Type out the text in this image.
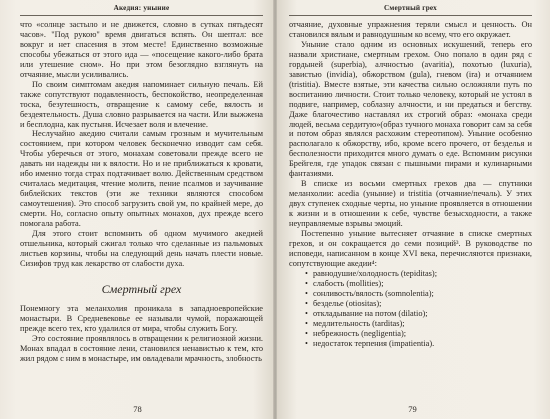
Акедия: уныние

что «солнце застыло и не движется, словно в сутках пятьдесят часов». "Под рукою" время двигаться вспять. Он шептал: все вокруг и нет спасения в этом месте! Единственно возможные способы убежаться от этого ида — «посещение какого-либо брата или утешение сном». Но при этом безоглядно взглянуть на отчаяние, мысли усиливались.

По своим симптомам акедия напоминает сильную печаль. Ей также сопутствуют подавленность, беспокойство, неопределенная тоска, безутешность, отвращение к самому себе, вялость и бездеятельность. Душа словно разрывается на части. Или выжжена и бесплодна, как пустыня. Исчезает воля и влечение.

Неслучайно акедию считали самым грозным и мучительным состоянием, при котором человек бесконечно изводит сам себя. Чтобы уберечься от этого, монахам советовали прежде всего не давать ни надежды ни к вялости. Но и не приближаться к кровати, ибо именно тогда страх подтачивает волю. Действенным средством считалась медитация, чтение молитв, пение псалмов и заучивание библейских текстов (эти же техники являются способом самоутешения). Это способ загрузить свой ум, по крайней мере, до смерти. Но, согласно опыту опытных монахов, дух прежде всего помогала работа.

Для этого стоит вспомнить об одном мучимого акедией отшельника, который сжигал только что сделанные из пальмовых листьев корзины, чтобы на следующий день начать плести новые. Сизифов труд как лекарство от слабости духа.

Смертный грех

Понемногу эта меланхолия проникала в западноевропейские монастыри. В Средневековье ее называли чумой, поражающей прежде всего тех, кто удалился от мира, чтобы служить Богу.

Это состояние проявлялось в отвращении к религиозной жизни. Монах впадал в состояние лени, становился ненавистью к тем, кто жил рядом с ним в монастыре, им овладевали мрачность, злобность

78
Смертный грех

отчаяние, духовные упражнения теряли смысл и ценность. Он становился вялым и равнодушным ко всему, что его окружает.

Уныние стало одним из основных искушений, теперь его назвали христиане, смертным грехом. Оно попало в один ряд с гордыней (superbia), алчностью (avaritia), похотью (luxuria), завистью (invidia), обжорством (gula), гневом (ira) и отчаянием (tristitia). Вместе взятые, эти качества сильно осложняли путь по воспитанию личности. Стоит только человеку, который не устоял в подвиге, например, соблазну алчности, и ни предаться и бегству. Даже благочестиво наставлял их строгий образ: «монаха среди людей, весьма сердитую»(образ тучного монаха говорит сам за себя и потом образ являлся расхожим стереотипом). Уныние особенно располагало к обжорству, ибо, кроме всего прочего, от безделья и бесполезности приходится много думать о еде. Вспомним рисунки Брейгеля, где упадок связан с пышными пирами и кулинарными фантазиями.

В списке из восьми смертных грехов два — спутники меланхолии: acedia (уныние) и tristitia (отчаяние/печаль). У этих двух ступенек сходные черты, но уныние проявляется в отношении к жизни и в отношении к себе, чувстве безысходности, а также неуправляемые взрывы эмоций.

Постепенно уныние вытесняет отчаяние в списке смертных грехов, и он сокращается до семи позиций³. В руководстве по исповеди, написанном в конце XVI века, перечисляются признаки, сопутствующие акедии⁴:

• равнодушие/холодность (tepiditas);
• слабость (mollities);
• сонливость/вялость (somnolentia);
• безделье (otiositas);
• откладывание на потом (dilatio);
• медлительность (tarditas);
• небрежность (negligentia);
• недостаток терпения (impatientia).
79
